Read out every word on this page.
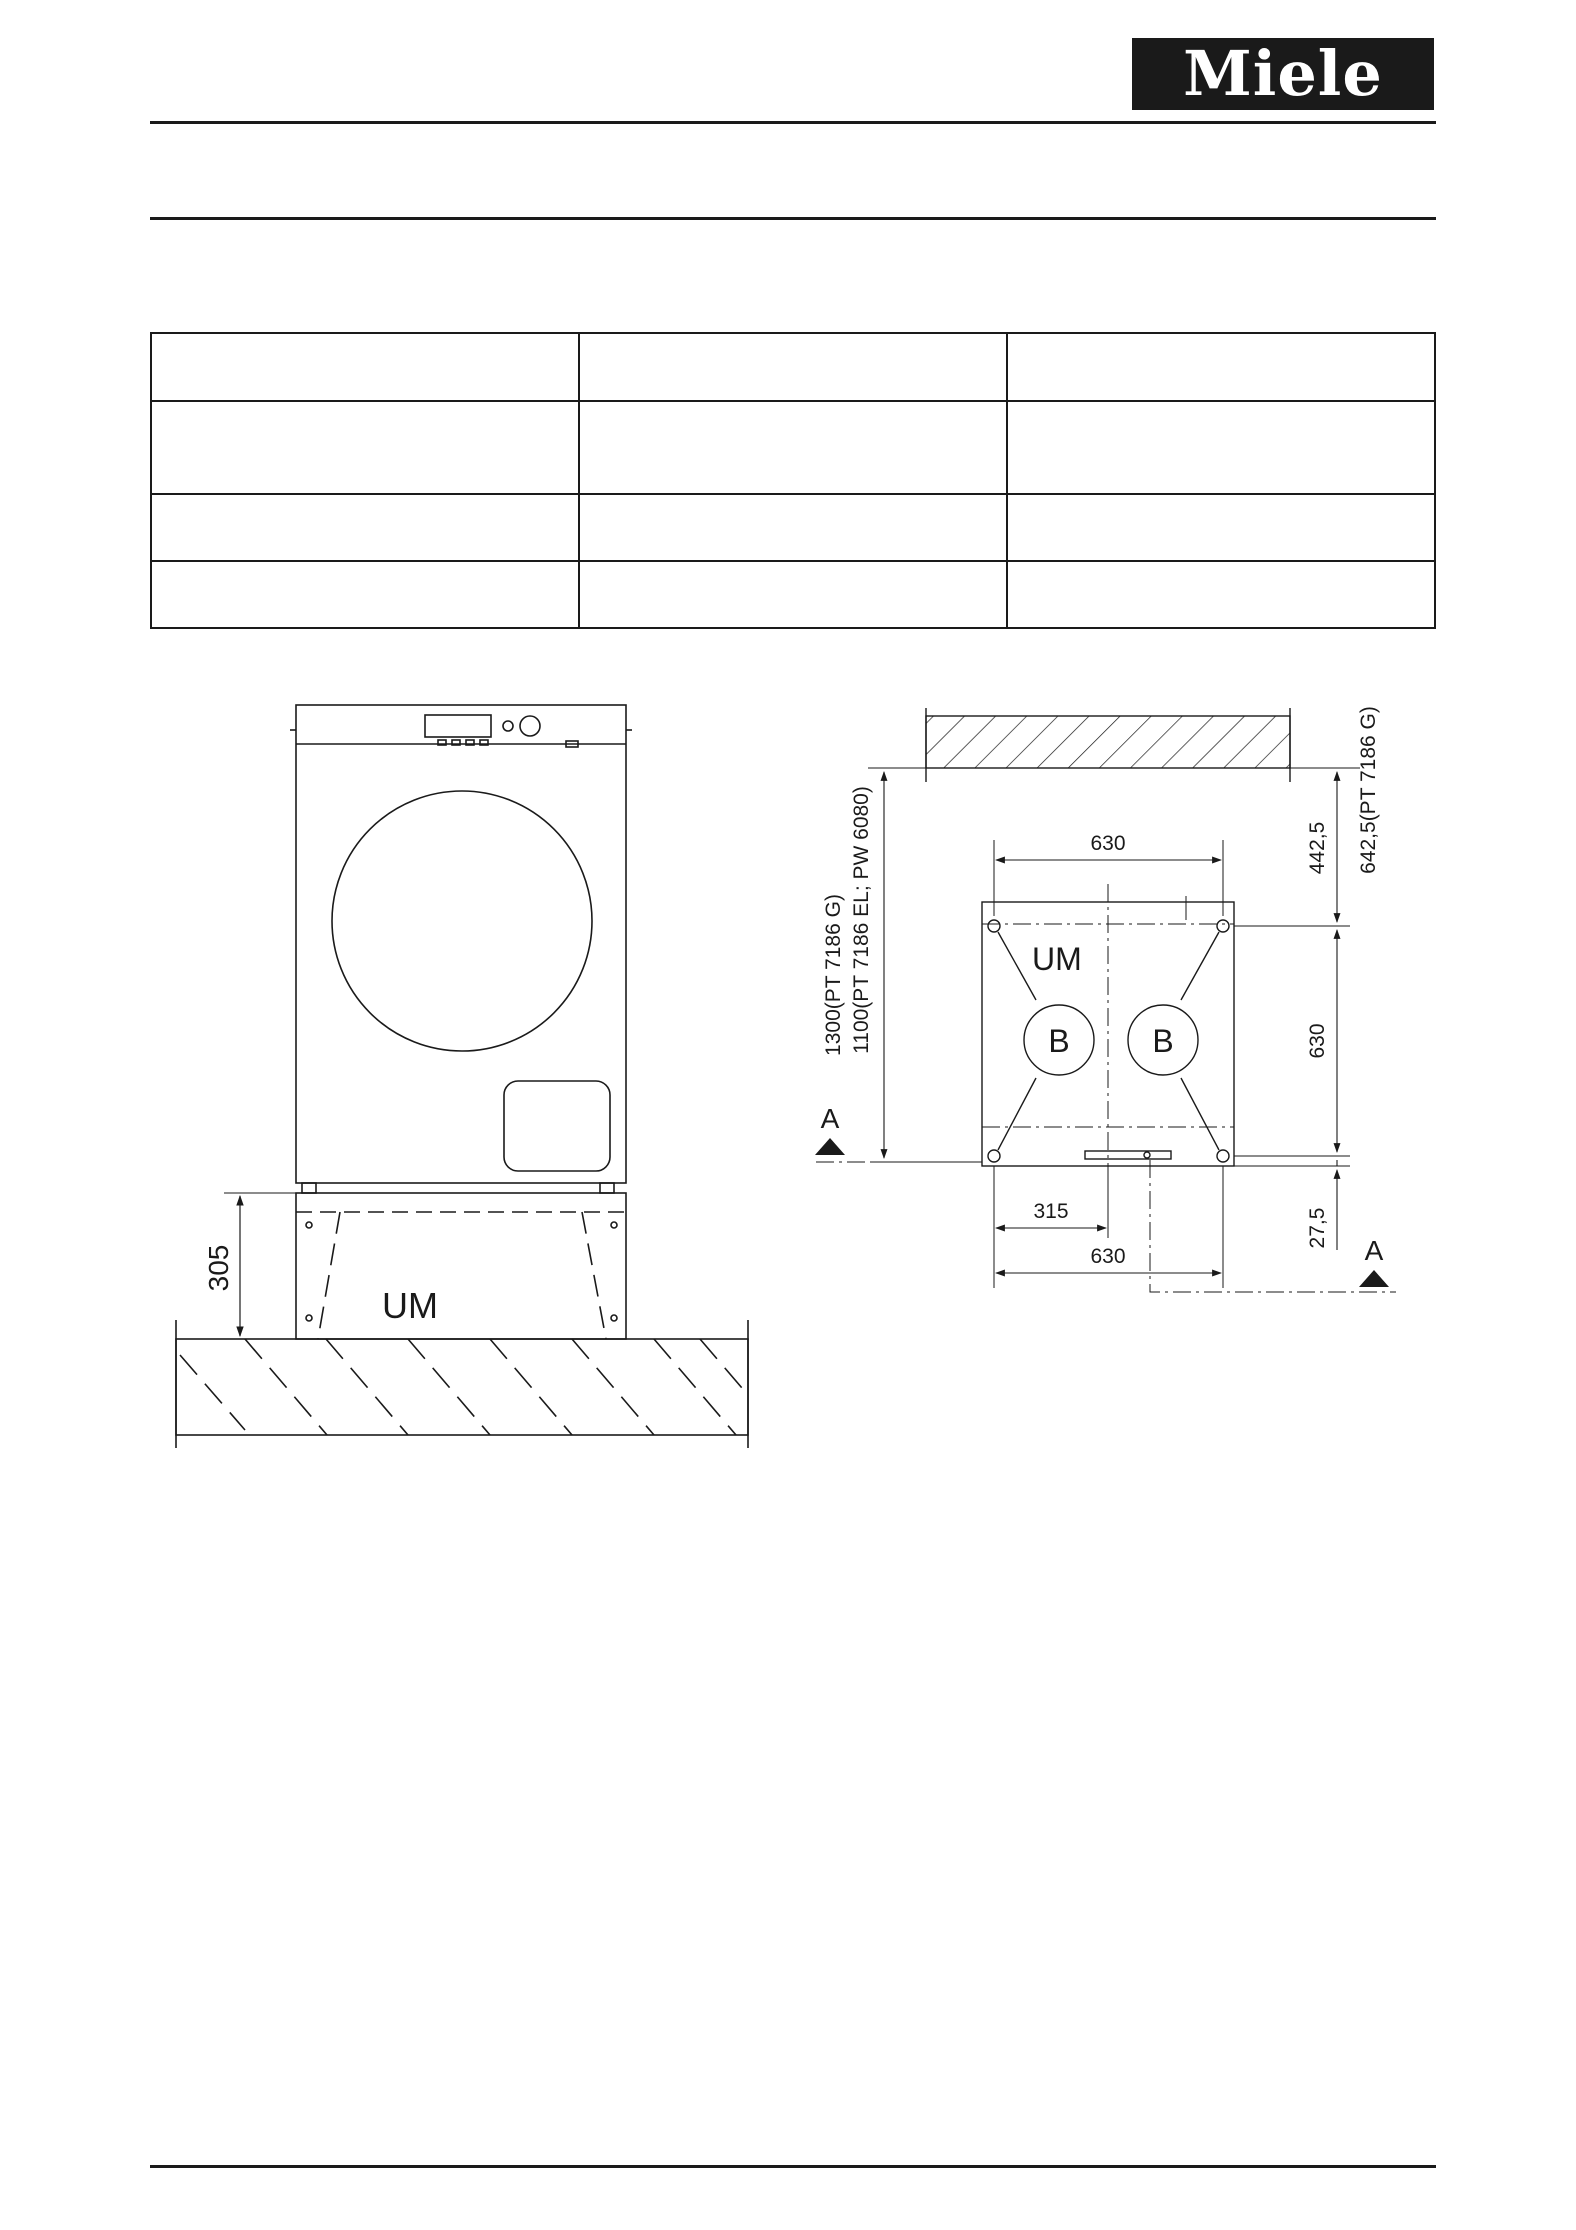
Miele

UM
305
UM
B	B
A
A
630
315
630
630
442,5
27,5
642,5(PT 7186 G)
1300(PT 7186 G) 1100(PT 7186 EL; PW 6080)
